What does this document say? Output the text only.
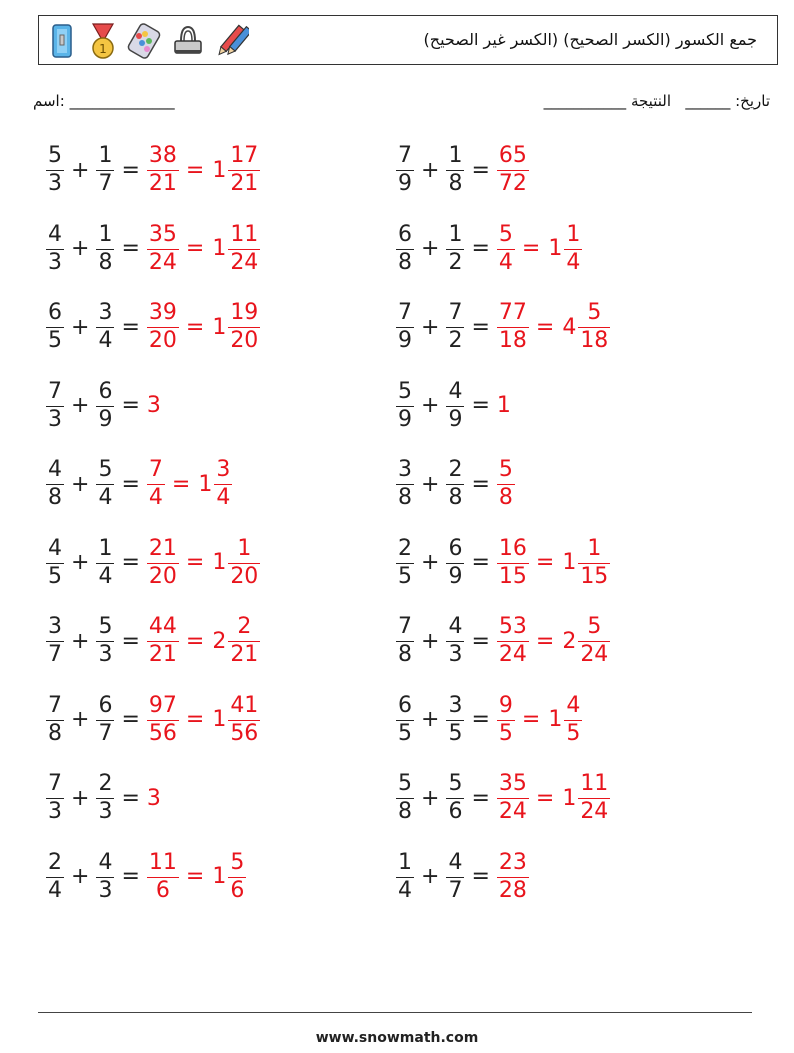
1	جمع الكسور (الكسر الصحيح) (الكسر غير الصحيح)
اسم: ______________	تاريخ: ______   النتيجة ___________
$\frac{5}{3} + \frac{1}{7} = \frac{38}{21} = 1 \frac{17}{21}$	$\frac{7}{9} + \frac{1}{8} = \frac{65}{72}$
$\frac{4}{3} + \frac{1}{8} = \frac{35}{24} = 1 \frac{11}{24}$	$\frac{6}{8} + \frac{1}{2} = \frac{5}{4} = 1 \frac{1}{4}$
$\frac{6}{5} + \frac{3}{4} = \frac{39}{20} = 1 \frac{19}{20}$	$\frac{7}{9} + \frac{7}{2} = \frac{77}{18} = 4 \frac{5}{18}$
$\frac{7}{3} + \frac{6}{9} = 3$	$\frac{5}{9} + \frac{4}{9} = 1$
$\frac{4}{8} + \frac{5}{4} = \frac{7}{4} = 1 \frac{3}{4}$	$\frac{3}{8} + \frac{2}{8} = \frac{5}{8}$
$\frac{4}{5} + \frac{1}{4} = \frac{21}{20} = 1 \frac{1}{20}$	$\frac{2}{5} + \frac{6}{9} = \frac{16}{15} = 1 \frac{1}{15}$
$\frac{3}{7} + \frac{5}{3} = \frac{44}{21} = 2 \frac{2}{21}$	$\frac{7}{8} + \frac{4}{3} = \frac{53}{24} = 2 \frac{5}{24}$
$\frac{7}{8} + \frac{6}{7} = \frac{97}{56} = 1 \frac{41}{56}$	$\frac{6}{5} + \frac{3}{5} = \frac{9}{5} = 1 \frac{4}{5}$
$\frac{7}{3} + \frac{2}{3} = 3$	$\frac{5}{8} + \frac{5}{6} = \frac{35}{24} = 1 \frac{11}{24}$
$\frac{2}{4} + \frac{4}{3} = \frac{11}{6} = 1 \frac{5}{6}$	$\frac{1}{4} + \frac{4}{7} = \frac{23}{28}$
www.snowmath.com
